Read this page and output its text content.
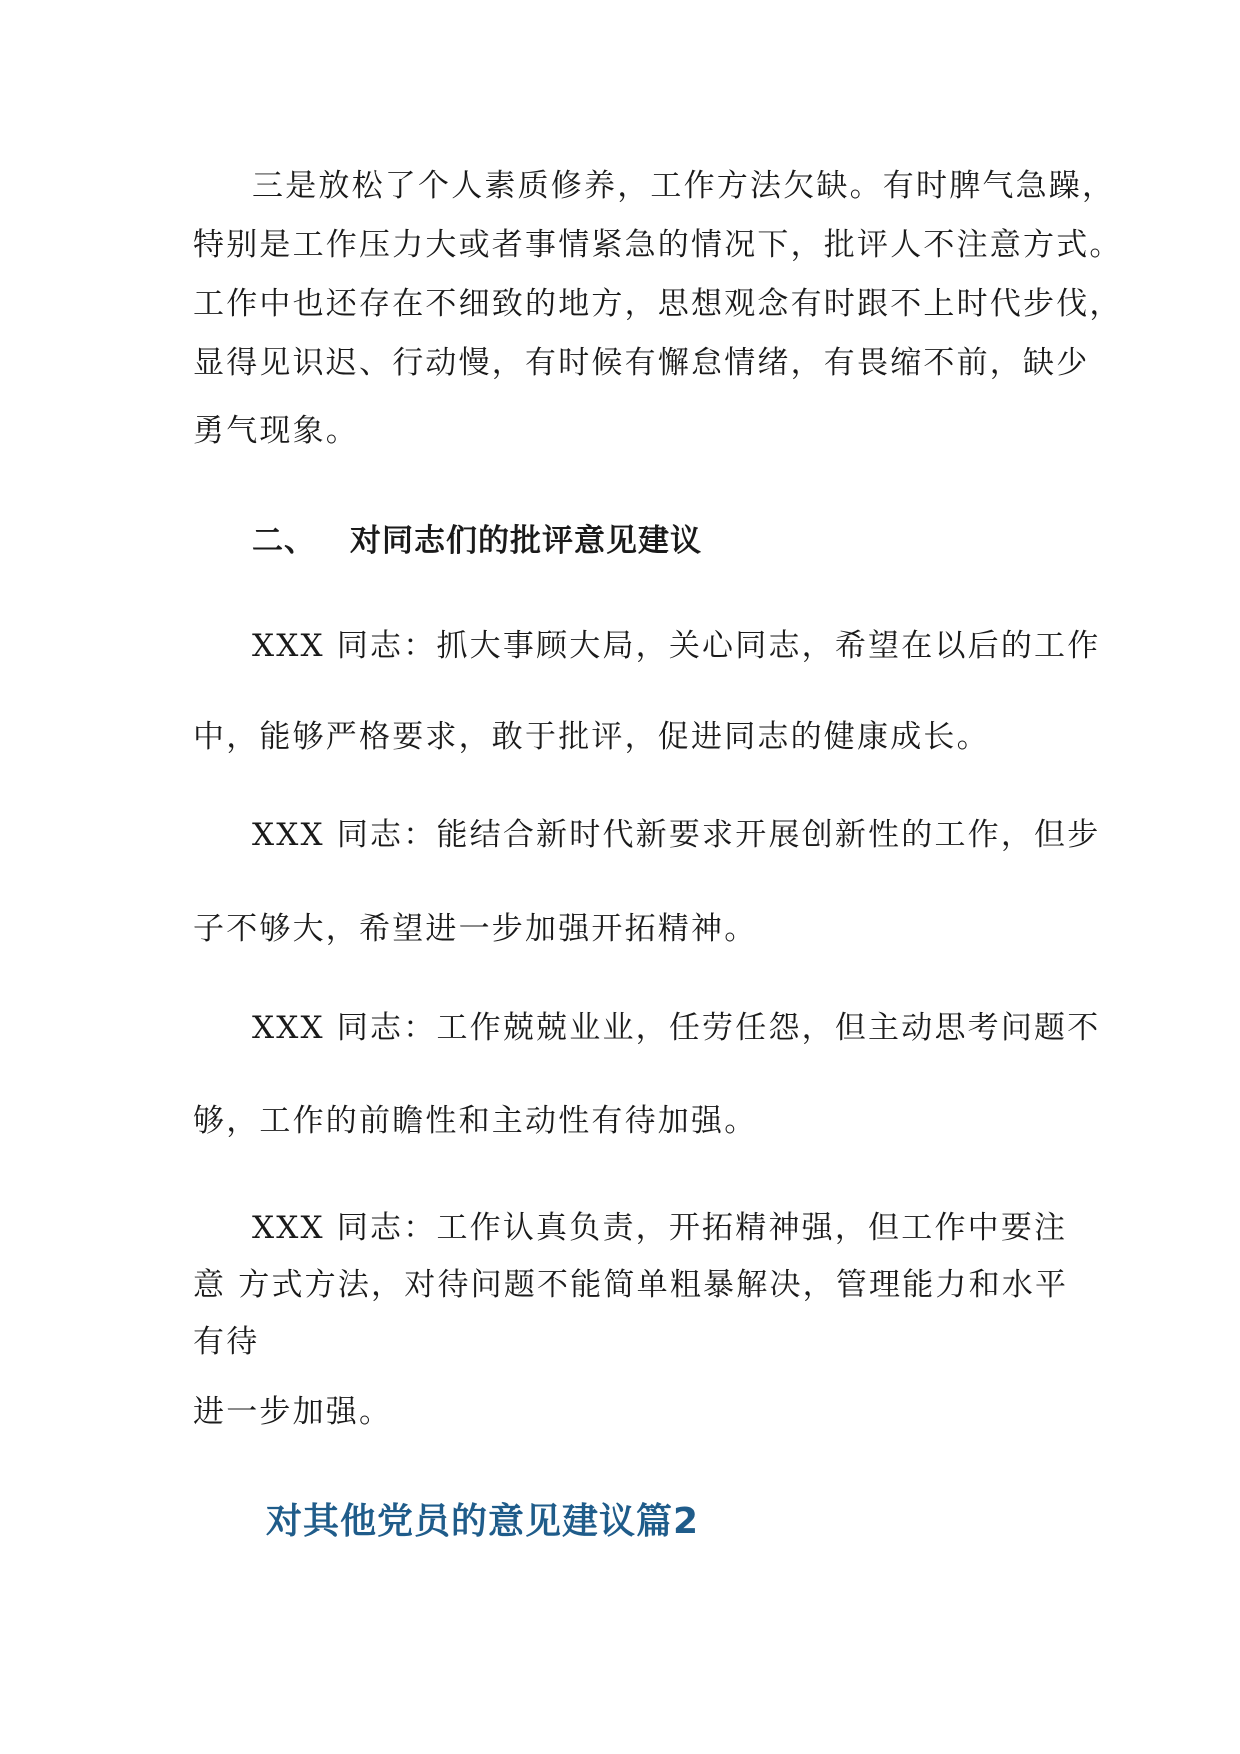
三是放松了个人素质修养，工作方法欠缺。有时脾气急躁，
特别是工作压力大或者事情紧急的情况下，批评人不注意方式。
工作中也还存在不细致的地方，思想观念有时跟不上时代步伐，
显得见识迟、行动慢，有时候有懈怠情绪，有畏缩不前，缺少
勇气现象。
二、 对同志们的批评意见建议
XXX 同志：抓大事顾大局，关心同志，希望在以后的工作
中，能够严格要求，敢于批评，促进同志的健康成长。
XXX 同志：能结合新时代新要求开展创新性的工作，但步
子不够大，希望进一步加强开拓精神。
XXX 同志：工作兢兢业业，任劳任怨，但主动思考问题不
够，工作的前瞻性和主动性有待加强。
XXX 同志：工作认真负责，开拓精神强，但工作中要注
意 方式方法，对待问题不能简单粗暴解决，管理能力和水平
有待
进一步加强。
对其他党员的意见建议篇2
